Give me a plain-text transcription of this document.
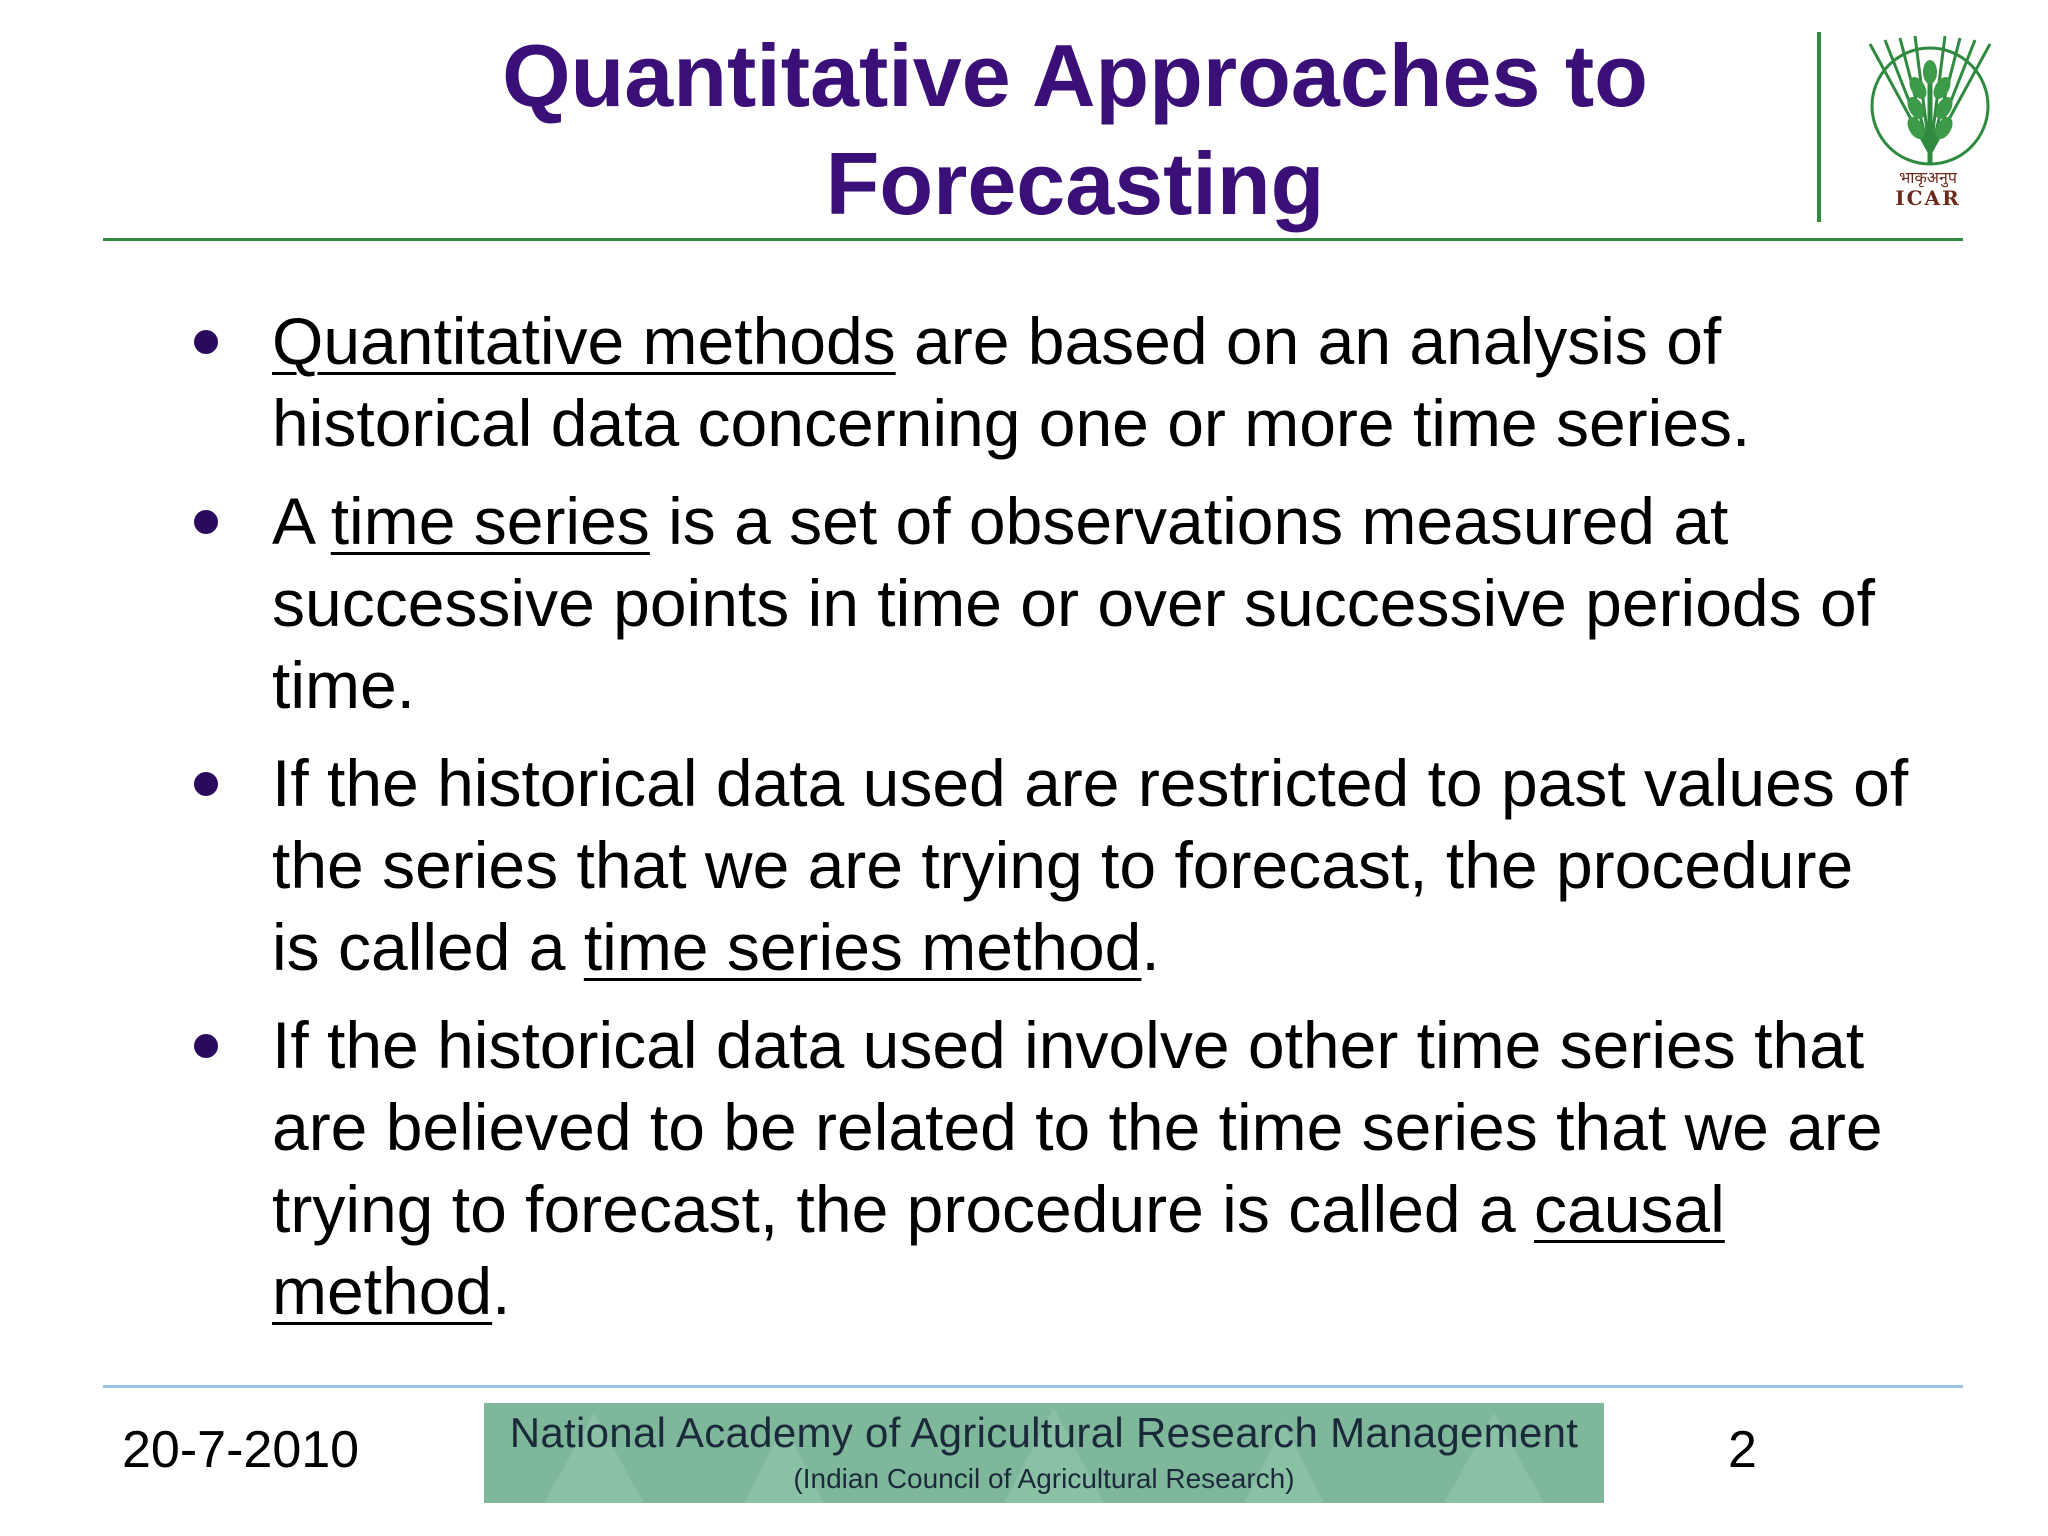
Quantitative Approaches to
Forecasting	भाकृअनुप
ICAR
Quantitative methods are based on an analysis of historical data concerning one or more time series.
A time series is a set of observations measured at successive points in time or over successive periods of time.
If the historical data used are restricted to past values of the series that we are trying to forecast, the procedure is called a time series method.
If the historical data used involve other time series that are believed to be related to the time series that we are trying to forecast, the procedure is called a causal method.
20-7-2010	National Academy of Agricultural Research Management
(Indian Council of Agricultural Research)	2
